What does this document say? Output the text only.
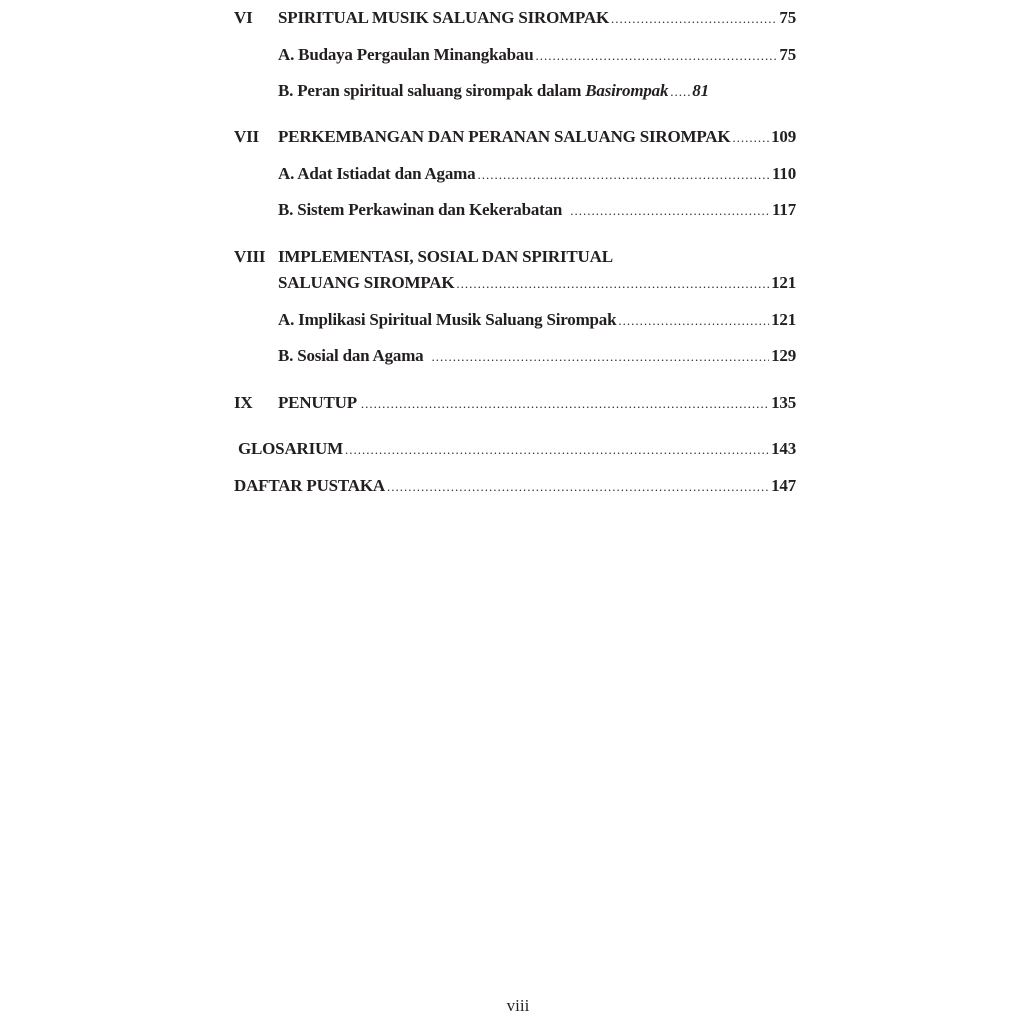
VI	SPIRITUAL MUSIK SALUANG SIROMPAK .....	75
A. Budaya Pergaulan Minangkabau .....	75
B. Peran spiritual saluang sirompak dalam Basirompak ..... 81
VII	PERKEMBANGAN DAN PERANAN SALUANG SIROMPAK ..... 109
A. Adat Istiadat dan Agama .....	110
B. Sistem Perkawinan dan Kekerabatan .....	117
VIII IMPLEMENTASI, SOSIAL DAN SPIRITUAL
SALUANG SIROMPAK .....	121
A. Implikasi Spiritual Musik Saluang Sirompak .....	121
B. Sosial dan Agama .....	129
IX	PENUTUP .....	135
GLOSARIUM .....	143
DAFTAR PUSTAKA .....	147
viii
